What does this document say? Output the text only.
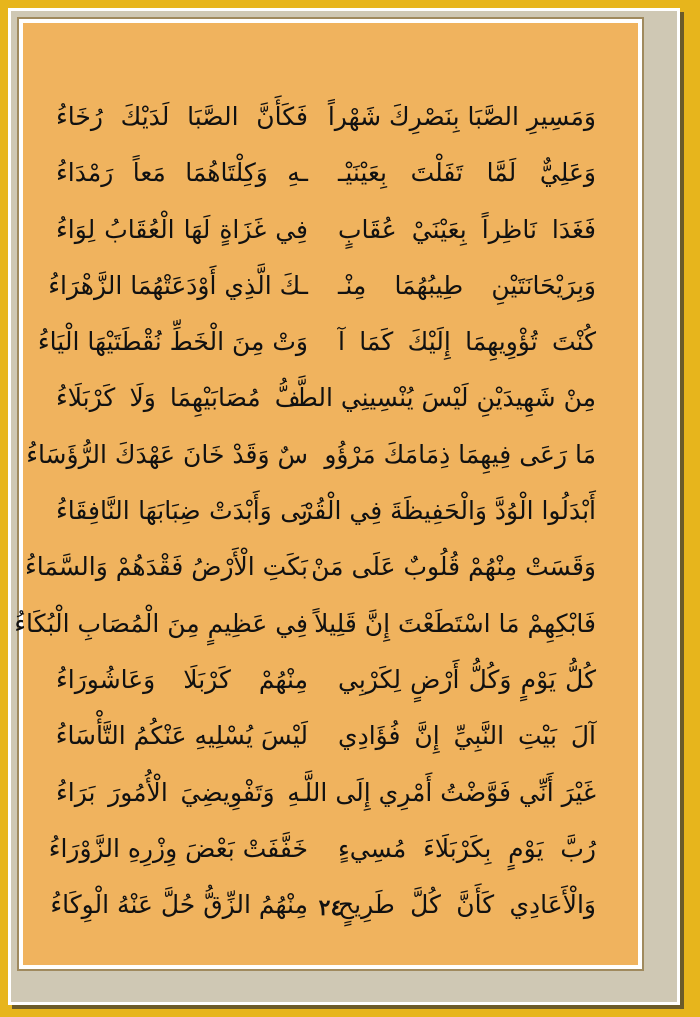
وَمَسِيرِ الصَّبَا بِنَصْرِكَ شَهْراً
فَكَأَنَّ الصَّبَا لَدَيْكَ رُخَاءُ
وَعَلِيٌّ لَمَّا تَفَلْتَ بِعَيْنَيْـ
ـهِ وَكِلْتَاهُمَا مَعاً رَمْدَاءُ
فَغَدَا نَاظِراً بِعَيْنَيْ عُقَابٍ
فِي غَزَاةٍ لَهَا الْعُقَابُ لِوَاءُ
وَبِرَيْحَانَتَيْنِ طِيبُهُمَا مِنْـ
ـكَ الَّذِي أَوْدَعَتْهُمَا الزَّهْرَاءُ
كُنْتَ تُؤْوِيهِمَا إِلَيْكَ كَمَا آ
وَتْ مِنَ الْخَطِّ نُقْطَتَيْهَا الْيَاءُ
مِنْ شَهِيدَيْنِ لَيْسَ يُنْسِينِي الطَّـ
ـفُّ مُصَابَيْهِمَا وَلَا كَرْبَلَاءُ
مَا رَعَى فِيهِمَا ذِمَامَكَ مَرْؤُو
سٌ وَقَدْ خَانَ عَهْدَكَ الرُّؤَسَاءُ
أَبْدَلُوا الْوُدَّ وَالْحَفِيظَةَ فِي الْقُرْ
بَى وَأَبْدَتْ ضِبَابَهَا النَّافِقَاءُ
وَقَسَتْ مِنْهُمْ قُلُوبٌ عَلَى مَنْ
بَكَتِ الْأَرْضُ فَقْدَهُمْ وَالسَّمَاءُ
فَابْكِهِمْ مَا اسْتَطَعْتَ إِنَّ قَلِيلاً
فِي عَظِيمٍ مِنَ الْمُصَابِ الْبُكَاءُ
كُلُّ يَوْمٍ وَكُلُّ أَرْضٍ لِكَرْبِي
مِنْهُمْ كَرْبَلَا وَعَاشُورَاءُ
آلَ بَيْتِ النَّبِيِّ إِنَّ فُؤَادِي
لَيْسَ يُسْلِيهِ عَنْكُمُ التَّأْسَاءُ
غَيْرَ أَنِّي فَوَّضْتُ أَمْرِي إِلَى اللَّـ
ـهِ وَتَفْوِيضِيَ الْأُمُورَ بَرَاءُ
رُبَّ يَوْمٍ بِكَرْبَلَاءَ مُسِيءٍ
خَفَّفَتْ بَعْضَ وِزْرِهِ الزَّوْرَاءُ
وَالْأَعَادِي كَأَنَّ كُلَّ طَرِيحٍ
مِنْهُمُ الزِّقُّ حُلَّ عَنْهُ الْوِكَاءُ ٢٤
